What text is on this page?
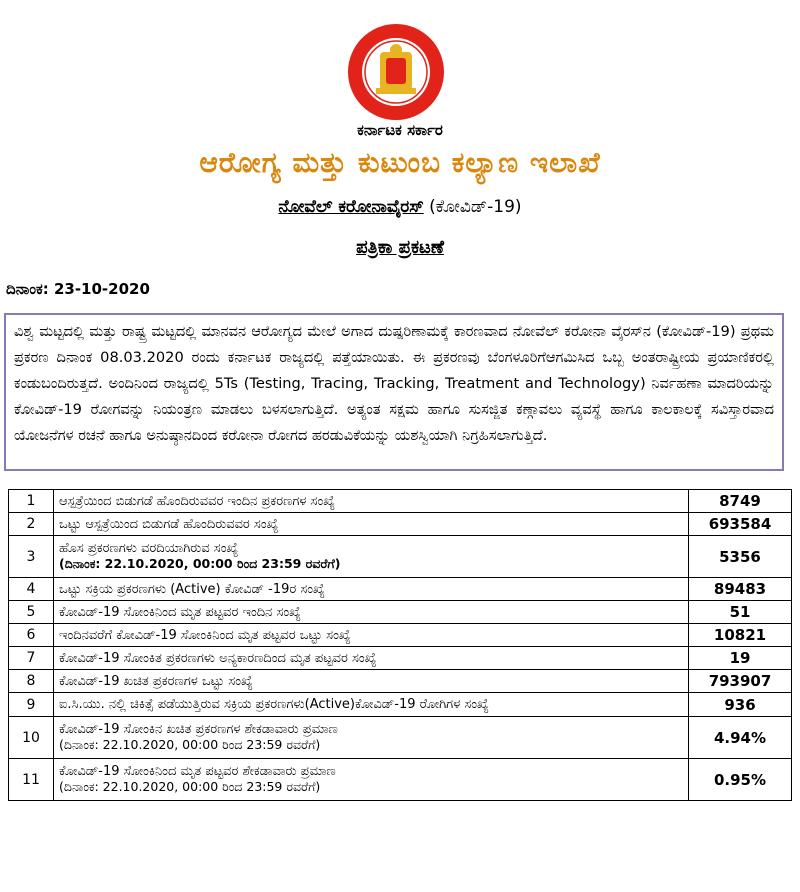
ಕರ್ನಾಟಕ ಸರ್ಕಾರ
ಆರೋಗ್ಯ ಮತ್ತು ಕುಟುಂಬ ಕಲ್ಯಾಣ ಇಲಾಖೆ
ನೋವೆಲ್ ಕರೋನಾವೈರಸ್ (ಕೋವಿಡ್-19)
ಪತ್ರಿಕಾ ಪ್ರಕಟಣೆ
ದಿನಾಂಕ: 23-10-2020
ವಿಶ್ವ ಮಟ್ಟದಲ್ಲಿ ಮತ್ತು ರಾಷ್ಟ್ರ ಮಟ್ಟದಲ್ಲಿ ಮಾನವನ ಆರೋಗ್ಯದ ಮೇಲೆ ಅಗಾದ ದುಷ್ಪರಿಣಾಮಕ್ಕೆ ಕಾರಣವಾದ ನೋವೆಲ್ ಕರೋನಾ ವೈರಸ್‌ನ (ಕೋವಿಡ್-19) ಪ್ರಥಮ ಪ್ರಕರಣ ದಿನಾಂಕ 08.03.2020 ರಂದು ಕರ್ನಾಟಕ ರಾಜ್ಯದಲ್ಲಿ ಪತ್ತೆಯಾಯಿತು. ಈ ಪ್ರಕರಣವು ಬೆಂಗಳೂರಿಗೆಆಗಮಿಸಿದ ಒಬ್ಬ ಅಂತರಾಷ್ಟ್ರೀಯ ಪ್ರಯಾಣಿಕರಲ್ಲಿ ಕಂಡುಬಂದಿರುತ್ತದೆ. ಅಂದಿನಿಂದ ರಾಜ್ಯದಲ್ಲಿ 5Ts (Testing, Tracing, Tracking, Treatment and Technology) ನಿರ್ವಹಣಾ ಮಾದರಿಯನ್ನು ಕೋವಿಡ್-19 ರೋಗವನ್ನು ನಿಯಂತ್ರಣ ಮಾಡಲು ಬಳಸಲಾಗುತ್ತಿದೆ. ಅತ್ಯಂತ ಸಕ್ಷಮ ಹಾಗೂ ಸುಸಜ್ಜಿತ ಕಣ್ಗಾವಲು ವ್ಯವಸ್ಥೆ ಹಾಗೂ ಕಾಲಕಾಲಕ್ಕೆ ಸವಿಸ್ತಾರವಾದ ಯೋಜನೆಗಳ ರಚನೆ ಹಾಗೂ ಅನುಷ್ಠಾನದಿಂದ ಕರೋನಾ ರೋಗದ ಹರಡುವಿಕೆಯನ್ನು ಯಶಸ್ವಿಯಾಗಿ ನಿಗ್ರಹಿಸಲಾಗುತ್ತಿದೆ.
1	ಆಸ್ಪತ್ರೆಯಿಂದ ಬಿಡುಗಡೆ ಹೊಂದಿರುವವರ ಇಂದಿನ ಪ್ರಕರಣಗಳ ಸಂಖ್ಯೆ	8749
2	ಒಟ್ಟು ಆಸ್ಪತ್ರೆಯಿಂದ ಬಿಡುಗಡೆ ಹೊಂದಿರುವವರ ಸಂಖ್ಯೆ	693584
3	ಹೊಸ ಪ್ರಕರಣಗಳು ವರದಿಯಾಗಿರುವ ಸಂಖ್ಯೆ
(ದಿನಾಂಕ: 22.10.2020, 00:00 ರಿಂದ 23:59 ರವರೆಗೆ)	5356
4	ಒಟ್ಟು ಸಕ್ರಿಯ ಪ್ರಕರಣಗಳು (Active) ಕೋವಿಡ್ -19ರ ಸಂಖ್ಯೆ	89483
5	ಕೋವಿಡ್-19 ಸೋಂಕಿನಿಂದ ಮೃತ ಪಟ್ಟವರ ಇಂದಿನ ಸಂಖ್ಯೆ	51
6	ಇಂದಿನವರೆಗೆ ಕೋವಿಡ್-19 ಸೋಂಕಿನಿಂದ ಮೃತ ಪಟ್ಟವರ ಒಟ್ಟು ಸಂಖ್ಯೆ	10821
7	ಕೋವಿಡ್-19 ಸೋಂಕಿತ ಪ್ರಕರಣಗಳು ಅನ್ಯಕಾರಣದಿಂದ ಮೃತ ಪಟ್ಟವರ ಸಂಖ್ಯೆ	19
8	ಕೋವಿಡ್-19 ಖಚಿತ ಪ್ರಕರಣಗಳ ಒಟ್ಟು ಸಂಖ್ಯೆ	793907
9	ಐ.ಸಿ.ಯು. ನಲ್ಲಿ ಚಿಕಿತ್ಸೆ ಪಡೆಯುತ್ತಿರುವ ಸಕ್ರಿಯ ಪ್ರಕರಣಗಳು(Active)ಕೋವಿಡ್-19 ರೋಗಿಗಳ ಸಂಖ್ಯೆ	936
10	ಕೋವಿಡ್-19 ಸೋಂಕಿನ ಖಚಿತ ಪ್ರಕರಣಗಳ ಶೇಕಡಾವಾರು ಪ್ರಮಾಣ
(ದಿನಾಂಕ: 22.10.2020, 00:00 ರಿಂದ 23:59 ರವರೆಗೆ)	4.94%
11	ಕೋವಿಡ್-19 ಸೋಂಕಿನಿಂದ ಮೃತ ಪಟ್ಟವರ ಶೇಕಡಾವಾರು ಪ್ರಮಾಣ
(ದಿನಾಂಕ: 22.10.2020, 00:00 ರಿಂದ 23:59 ರವರೆಗೆ)	0.95%
